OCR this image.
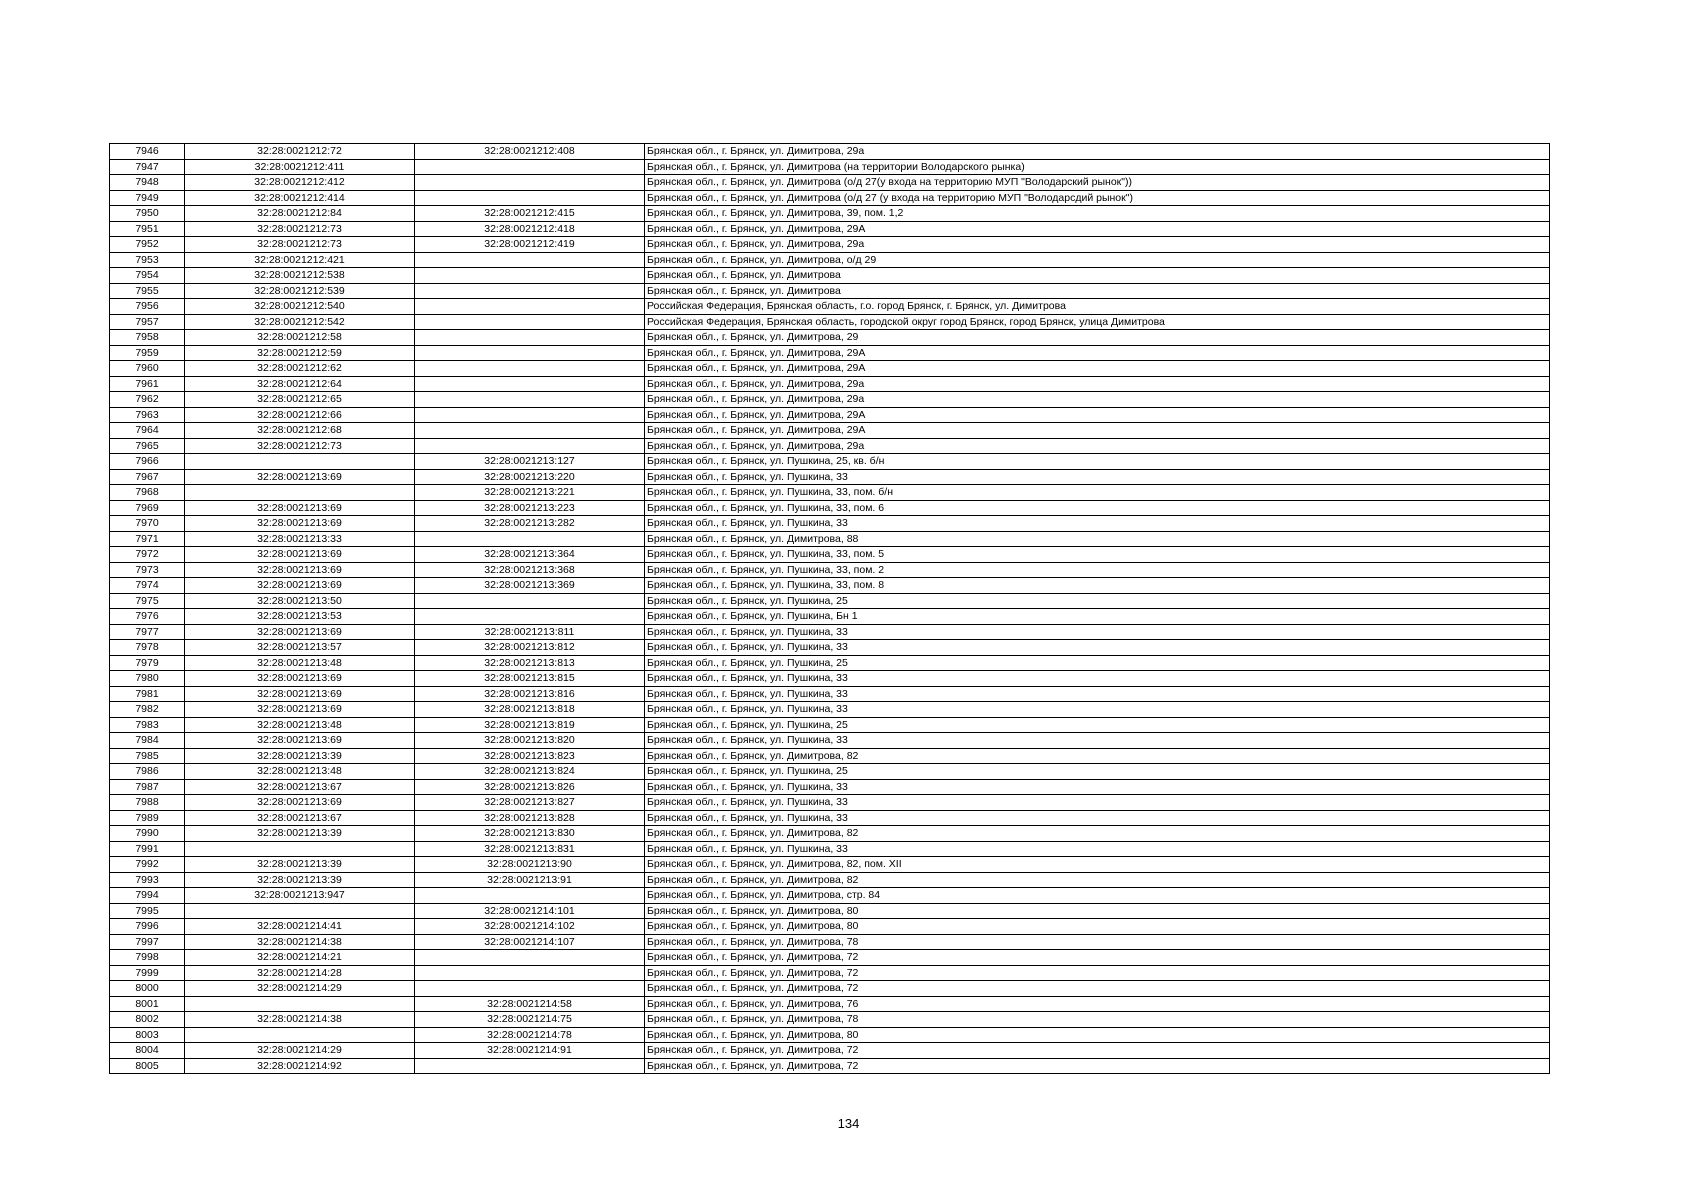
7946	32:28:0021212:72	32:28:0021212:408	Брянская обл., г. Брянск, ул. Димитрова, 29а
7947	32:28:0021212:411		Брянская обл., г. Брянск, ул. Димитрова (на территории Володарского рынка)
7948	32:28:0021212:412		Брянская обл., г. Брянск, ул. Димитрова (о/д 27(у входа на территорию МУП "Володарский рынок"))
7949	32:28:0021212:414		Брянская обл., г. Брянск, ул. Димитрова (о/д 27 (у входа на территорию МУП "Володарсдий рынок")
7950	32:28:0021212:84	32:28:0021212:415	Брянская обл., г. Брянск, ул. Димитрова, 39, пом. 1,2
7951	32:28:0021212:73	32:28:0021212:418	Брянская обл., г. Брянск, ул. Димитрова, 29А
7952	32:28:0021212:73	32:28:0021212:419	Брянская обл., г. Брянск, ул. Димитрова, 29а
7953	32:28:0021212:421		Брянская обл., г. Брянск, ул. Димитрова, о/д 29
7954	32:28:0021212:538		Брянская обл., г. Брянск, ул. Димитрова
7955	32:28:0021212:539		Брянская обл., г. Брянск, ул. Димитрова
7956	32:28:0021212:540		Российская Федерация, Брянская область, г.о. город Брянск, г. Брянск, ул. Димитрова
7957	32:28:0021212:542		Российская Федерация, Брянская область, городской округ город Брянск, город Брянск, улица Димитрова
7958	32:28:0021212:58		Брянская обл., г. Брянск, ул. Димитрова, 29
7959	32:28:0021212:59		Брянская обл., г. Брянск, ул. Димитрова, 29А
7960	32:28:0021212:62		Брянская обл., г. Брянск, ул. Димитрова, 29А
7961	32:28:0021212:64		Брянская обл., г. Брянск, ул. Димитрова, 29а
7962	32:28:0021212:65		Брянская обл., г. Брянск, ул. Димитрова, 29а
7963	32:28:0021212:66		Брянская обл., г. Брянск, ул. Димитрова, 29А
7964	32:28:0021212:68		Брянская обл., г. Брянск, ул. Димитрова, 29А
7965	32:28:0021212:73		Брянская обл., г. Брянск, ул. Димитрова, 29а
7966		32:28:0021213:127	Брянская обл., г. Брянск, ул. Пушкина, 25, кв. б/н
7967	32:28:0021213:69	32:28:0021213:220	Брянская обл., г. Брянск, ул. Пушкина, 33
7968		32:28:0021213:221	Брянская обл., г. Брянск, ул. Пушкина, 33, пом. б/н
7969	32:28:0021213:69	32:28:0021213:223	Брянская обл., г. Брянск, ул. Пушкина, 33, пом. 6
7970	32:28:0021213:69	32:28:0021213:282	Брянская обл., г. Брянск, ул. Пушкина, 33
7971	32:28:0021213:33		Брянская обл., г. Брянск, ул. Димитрова, 88
7972	32:28:0021213:69	32:28:0021213:364	Брянская обл., г. Брянск, ул. Пушкина, 33, пом. 5
7973	32:28:0021213:69	32:28:0021213:368	Брянская обл., г. Брянск, ул. Пушкина, 33, пом. 2
7974	32:28:0021213:69	32:28:0021213:369	Брянская обл., г. Брянск, ул. Пушкина, 33, пом. 8
7975	32:28:0021213:50		Брянская обл., г. Брянск, ул. Пушкина, 25
7976	32:28:0021213:53		Брянская обл., г. Брянск, ул. Пушкина, Бн 1
7977	32:28:0021213:69	32:28:0021213:811	Брянская обл., г. Брянск, ул. Пушкина, 33
7978	32:28:0021213:57	32:28:0021213:812	Брянская обл., г. Брянск, ул. Пушкина, 33
7979	32:28:0021213:48	32:28:0021213:813	Брянская обл., г. Брянск, ул. Пушкина, 25
7980	32:28:0021213:69	32:28:0021213:815	Брянская обл., г. Брянск, ул. Пушкина, 33
7981	32:28:0021213:69	32:28:0021213:816	Брянская обл., г. Брянск, ул. Пушкина, 33
7982	32:28:0021213:69	32:28:0021213:818	Брянская обл., г. Брянск, ул. Пушкина, 33
7983	32:28:0021213:48	32:28:0021213:819	Брянская обл., г. Брянск, ул. Пушкина, 25
7984	32:28:0021213:69	32:28:0021213:820	Брянская обл., г. Брянск, ул. Пушкина, 33
7985	32:28:0021213:39	32:28:0021213:823	Брянская обл., г. Брянск, ул. Димитрова, 82
7986	32:28:0021213:48	32:28:0021213:824	Брянская обл., г. Брянск, ул. Пушкина, 25
7987	32:28:0021213:67	32:28:0021213:826	Брянская обл., г. Брянск, ул. Пушкина, 33
7988	32:28:0021213:69	32:28:0021213:827	Брянская обл., г. Брянск, ул. Пушкина, 33
7989	32:28:0021213:67	32:28:0021213:828	Брянская обл., г. Брянск, ул. Пушкина, 33
7990	32:28:0021213:39	32:28:0021213:830	Брянская обл., г. Брянск, ул. Димитрова, 82
7991		32:28:0021213:831	Брянская обл., г. Брянск, ул. Пушкина, 33
7992	32:28:0021213:39	32:28:0021213:90	Брянская обл., г. Брянск, ул. Димитрова, 82, пом. XII
7993	32:28:0021213:39	32:28:0021213:91	Брянская обл., г. Брянск, ул. Димитрова, 82
7994	32:28:0021213:947		Брянская обл., г. Брянск, ул. Димитрова, стр. 84
7995		32:28:0021214:101	Брянская обл., г. Брянск, ул. Димитрова, 80
7996	32:28:0021214:41	32:28:0021214:102	Брянская обл., г. Брянск, ул. Димитрова, 80
7997	32:28:0021214:38	32:28:0021214:107	Брянская обл., г. Брянск, ул. Димитрова, 78
7998	32:28:0021214:21		Брянская обл., г. Брянск, ул. Димитрова, 72
7999	32:28:0021214:28		Брянская обл., г. Брянск, ул. Димитрова, 72
8000	32:28:0021214:29		Брянская обл., г. Брянск, ул. Димитрова, 72
8001		32:28:0021214:58	Брянская обл., г. Брянск, ул. Димитрова, 76
8002	32:28:0021214:38	32:28:0021214:75	Брянская обл., г. Брянск, ул. Димитрова, 78
8003		32:28:0021214:78	Брянская обл., г. Брянск, ул. Димитрова, 80
8004	32:28:0021214:29	32:28:0021214:91	Брянская обл., г. Брянск, ул. Димитрова, 72
8005	32:28:0021214:92		Брянская обл., г. Брянск, ул. Димитрова, 72
134
